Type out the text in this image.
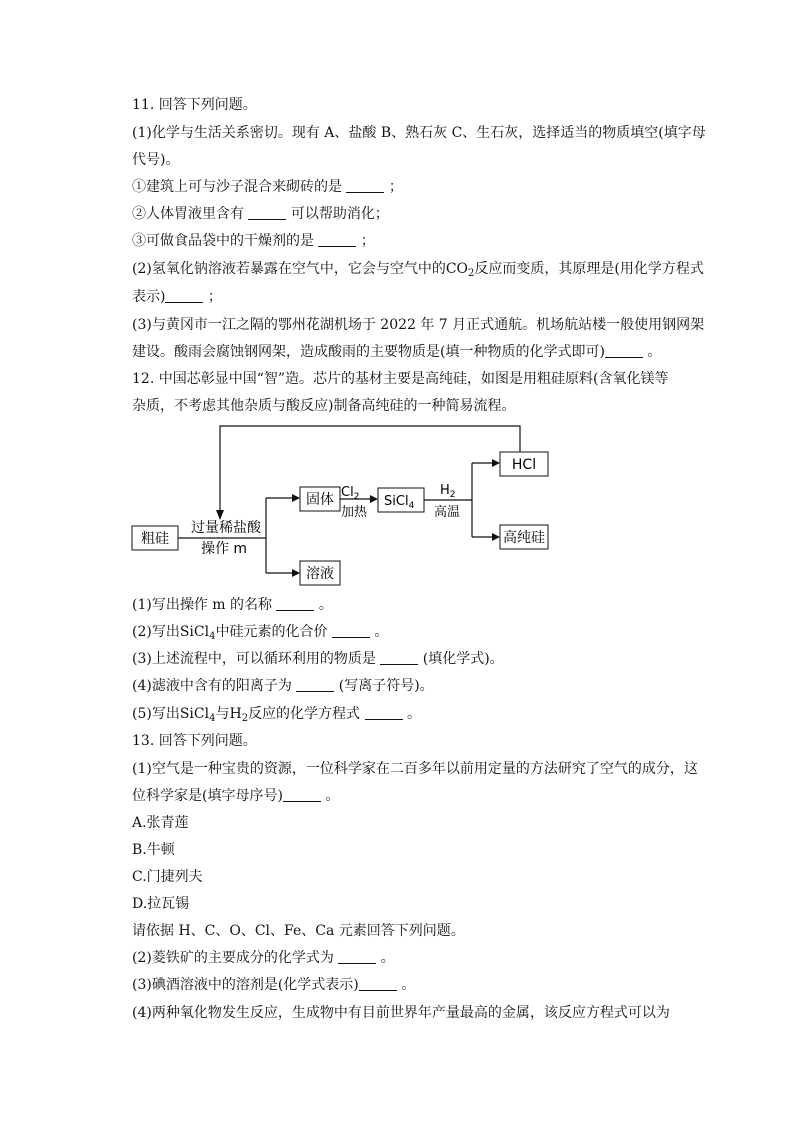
11. 回答下列问题。
(1)化学与生活关系密切。现有 A、盐酸 B、熟石灰 C、生石灰，选择适当的物质填空(填字母
代号)。
①建筑上可与沙子混合来砌砖的是	；
②人体胃液里含有	可以帮助消化；
③可做食品袋中的干燥剂的是	；
(2)氢氧化钠溶液若暴露在空气中，它会与空气中的$CO_2$反应而变质，其原理是(用化学方程式
表示)	；
(3)与黄冈市一江之隔的鄂州花湖机场于 2022 年 7 月正式通航。机场航站楼一般使用钢网架
建设。酸雨会腐蚀钢网架，造成酸雨的主要物质是(填一种物质的化学式即可)	。
12. 中国芯彰显中国“智”造。芯片的基材主要是高纯硅，如图是用粗硅原料(含氧化镁等
杂质，不考虑其他杂质与酸反应)制备高纯硅的一种简易流程。
粗硅
过量稀盐酸
操作 m
固体
溶液
$Cl_2$
加热
SiCl$_4$
$H_2$
高温
HCl
高纯硅
(1)写出操作 m 的名称	。
(2)写出SiCl$_4$中硅元素的化合价	。
(3)上述流程中，可以循环利用的物质是	(填化学式)。
(4)滤液中含有的阳离子为	(写离子符号)。
(5)写出SiCl$_4$与$H_2$反应的化学方程式	。
13. 回答下列问题。
(1)空气是一种宝贵的资源，一位科学家在二百多年以前用定量的方法研究了空气的成分，这
位科学家是(填字母序号)	。
A.张青莲
B.牛顿
C.门捷列夫
D.拉瓦锡
请依据 H、C、O、Cl、Fe、Ca 元素回答下列问题。
(2)菱铁矿的主要成分的化学式为	。
(3)碘酒溶液中的溶剂是(化学式表示)	。
(4)两种氧化物发生反应，生成物中有目前世界年产量最高的金属，该反应方程式可以为
